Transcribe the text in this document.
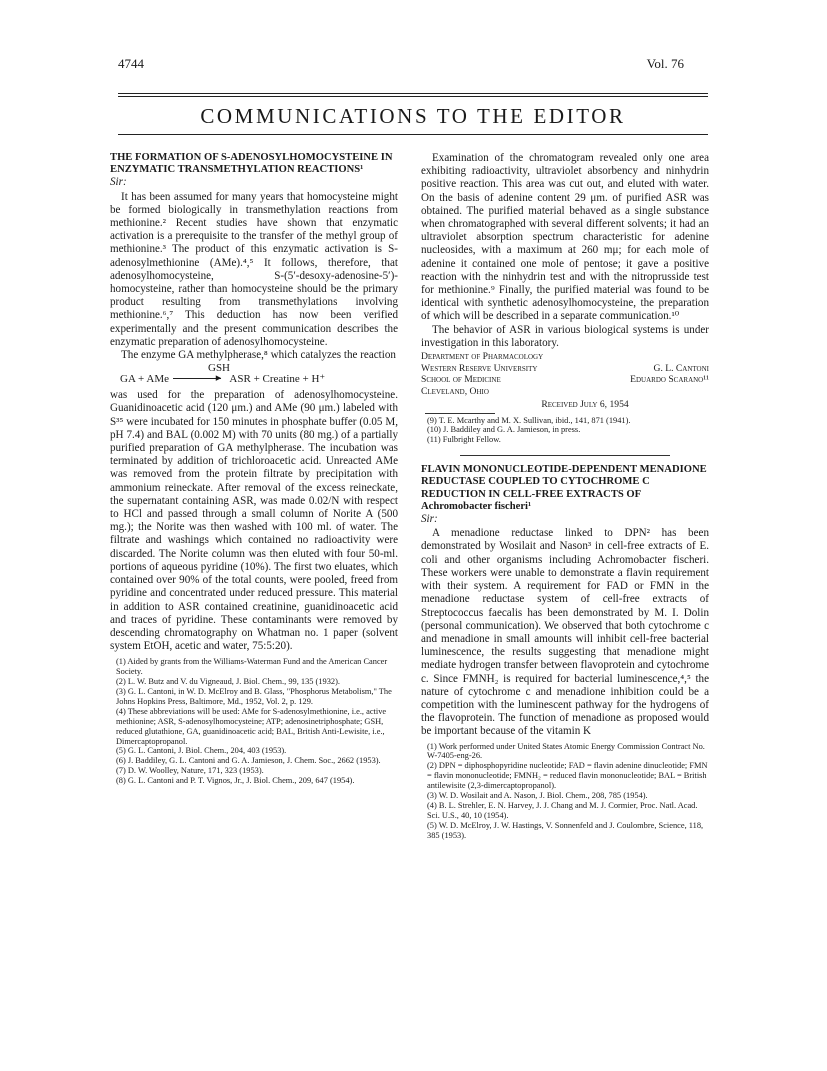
4744	Vol. 76
COMMUNICATIONS TO THE EDITOR
THE FORMATION OF S-ADENOSYLHOMOCYSTEINE IN ENZYMATIC TRANSMETHYLATION REACTIONS¹
Sir:

It has been assumed for many years that homocysteine might be formed biologically in transmethylation reactions from methionine.² Recent studies have shown that enzymatic activation is a prerequisite to the transfer of the methyl group of methionine.³ The product of this enzymatic activation is S-adenosylmethionine (AMe).⁴,⁵ It follows, therefore, that adenosylhomocysteine, S-(5′-desoxy-adenosine-5′)-homocysteine, rather than homocysteine should be the primary product resulting from transmethylations involving methionine.⁶,⁷ This deduction has now been verified experimentally and the present communication describes the enzymatic preparation of adenosylhomocysteine.

The enzyme GA methylpherase,⁸ which catalyzes the reaction

GSH
GA + AMe	▸ ASR + Creatine + H⁺

was used for the preparation of adenosylhomocysteine. Guanidinoacetic acid (120 μm.) and AMe (90 μm.) labeled with S³⁵ were incubated for 150 minutes in phosphate buffer (0.05 M, pH 7.4) and BAL (0.002 M) with 70 units (80 mg.) of a partially purified preparation of GA methylpherase. The incubation was terminated by addition of trichloroacetic acid. Unreacted AMe was removed from the protein filtrate by precipitation with ammonium reineckate. After removal of the excess reineckate, the supernatant containing ASR, was made 0.02/N with respect to HCl and passed through a small column of Norite A (500 mg.); the Norite was then washed with 100 ml. of water. The filtrate and washings which contained no radioactivity were discarded. The Norite column was then eluted with four 50-ml. portions of aqueous pyridine (10%). The first two eluates, which contained over 90% of the total counts, were pooled, freed from pyridine and concentrated under reduced pressure. This material in addition to ASR contained creatinine, guanidinoacetic acid and traces of pyridine. These contaminants were removed by descending chromatography on Whatman no. 1 paper (solvent system EtOH, acetic and water, 75:5:20).

(1) Aided by grants from the Williams-Waterman Fund and the American Cancer Society.
(2) L. W. Butz and V. du Vigneaud, J. Biol. Chem., 99, 135 (1932).
(3) G. L. Cantoni, in W. D. McElroy and B. Glass, "Phosphorus Metabolism," The Johns Hopkins Press, Baltimore, Md., 1952, Vol. 2, p. 129.
(4) These abbreviations will be used: AMe for S-adenosylmethionine, i.e., active methionine; ASR, S-adenosylhomocysteine; ATP; adenosinetriphosphate; GSH, reduced glutathione, GA, guanidinoacetic acid; BAL, British Anti-Lewisite, i.e., Dimercaptopropanol.
(5) G. L. Cantoni, J. Biol. Chem., 204, 403 (1953).
(6) J. Baddiley, G. L. Cantoni and G. A. Jamieson, J. Chem. Soc., 2662 (1953).
(7) D. W. Woolley, Nature, 171, 323 (1953).
(8) G. L. Cantoni and P. T. Vignos, Jr., J. Biol. Chem., 209, 647 (1954).

Examination of the chromatogram revealed only one area exhibiting radioactivity, ultraviolet absorbency and ninhydrin positive reaction. This area was cut out, and eluted with water. On the basis of adenine content 29 μm. of purified ASR was obtained. The purified material behaved as a single substance when chromatographed with several different solvents; it had an ultraviolet absorption spectrum characteristic for adenine nucleosides, with a maximum at 260 mμ; for each mole of adenine it contained one mole of pentose; it gave a positive reaction with the ninhydrin test and with the nitroprusside test for methionine.⁹ Finally, the purified material was found to be identical with synthetic adenosylhomocysteine, the preparation of which will be described in a separate communication.¹⁰

The behavior of ASR in various biological systems is under investigation in this laboratory.

Department of Pharmacology
Western Reserve University	G. L. Cantoni
School of Medicine	Eduardo Scarano¹¹
Cleveland, Ohio
Received July 6, 1954
(9) T. E. Mcarthy and M. X. Sullivan, ibid., 141, 871 (1941).
(10) J. Baddiley and G. A. Jamieson, in press.
(11) Fulbright Fellow.
FLAVIN MONONUCLEOTIDE-DEPENDENT MENADIONE REDUCTASE COUPLED TO CYTOCHROME C REDUCTION IN CELL-FREE EXTRACTS OF Achromobacter fischeri¹
Sir:

A menadione reductase linked to DPN² has been demonstrated by Wosilait and Nason³ in cell-free extracts of E. coli and other organisms including Achromobacter fischeri. These workers were unable to demonstrate a flavin requirement with their system. A requirement for FAD or FMN in the menadione reductase system of cell-free extracts of Streptococcus faecalis has been demonstrated by M. I. Dolin (personal communication). We observed that both cytochrome c and menadione in small amounts will inhibit cell-free bacterial luminescence, the results suggesting that menadione might mediate hydrogen transfer between flavoprotein and cytochrome c. Since FMNH₂ is required for bacterial luminescence,⁴,⁵ the nature of cytochrome c and menadione inhibition could be a competition with the luminescent pathway for the hydrogens of the flavoprotein. The function of menadione as proposed would be important because of the vitamin K

(1) Work performed under United States Atomic Energy Commission Contract No. W-7405-eng-26.
(2) DPN = diphosphopyridine nucleotide; FAD = flavin adenine dinucleotide; FMN = flavin mononucleotide; FMNH₂ = reduced flavin mononucleotide; BAL = British antilewisite (2,3-dimercaptopropanol).
(3) W. D. Wosilait and A. Nason, J. Biol. Chem., 208, 785 (1954).
(4) B. L. Strehler, E. N. Harvey, J. J. Chang and M. J. Cormier, Proc. Natl. Acad. Sci. U.S., 40, 10 (1954).
(5) W. D. McElroy, J. W. Hastings, V. Sonnenfeld and J. Coulombre, Science, 118, 385 (1953).
